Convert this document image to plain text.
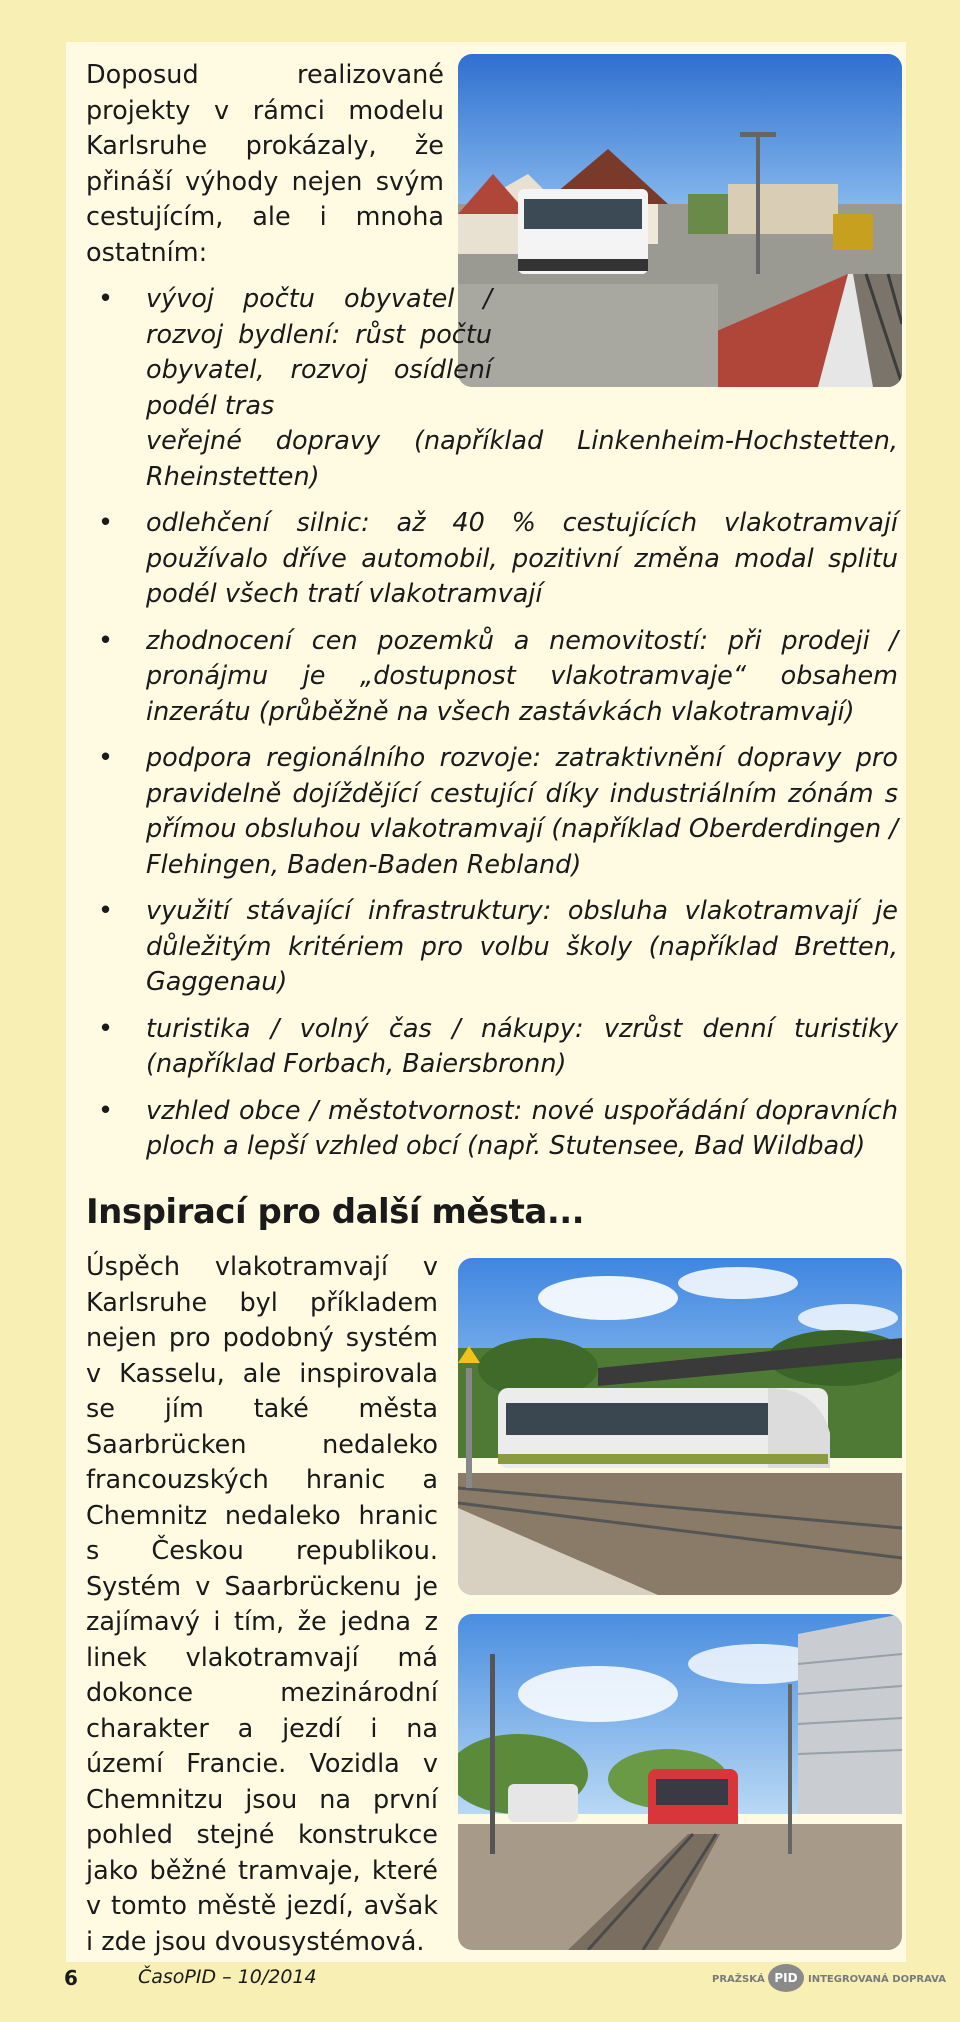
Doposud realizované projekty v rámci modelu Karlsruhe prokázaly, že přináší výhody nejen svým cestujícím, ale i mnoha ostatním:

• vývoj počtu obyvatel / rozvoj bydlení: růst počtu obyvatel, rozvoj osídlení podél tras
veřejné dopravy (například Linkenheim-Hochstetten, Rheinstetten)
• odlehčení silnic: až 40 % cestujících vlakotramvají používalo dříve automobil, pozitivní změna modal splitu podél všech tratí vlakotramvají
• zhodnocení cen pozemků a nemovitostí: při prodeji / pronájmu je „dostupnost vlakotramvaje“ obsahem inzerátu (průběžně na všech zastávkách vlakotramvají)
• podpora regionálního rozvoje: zatraktivnění dopravy pro pravidelně dojíždějící cestující díky industriálním zónám s přímou obsluhou vlakotramvají (například Oberderdingen / Flehingen, Baden-Baden Rebland)
• využití stávající infrastruktury: obsluha vlakotramvají je důležitým kritériem pro volbu školy (například Bretten, Gaggenau)
• turistika / volný čas / nákupy: vzrůst denní turistiky (například Forbach, Baiersbronn)
• vzhled obce / městotvornost: nové uspořádání dopravních ploch a lepší vzhled obcí (např. Stutensee, Bad Wildbad)
Inspirací pro další města...

Úspěch vlakotramvají v Karlsruhe byl příkladem nejen pro podobný systém v Kasselu, ale inspirovala se jím také města Saarbrücken nedaleko francouzských hranic a Chemnitz nedaleko hranic s Českou republikou. Systém v Saarbrückenu je zajímavý i tím, že jedna z linek vlakotramvají má dokonce mezinárodní charakter a jezdí i na území Francie. Vozidla v Chemnitzu jsou na první pohled stejné konstrukce jako běžné tramvaje, které v tomto městě jezdí, avšak i zde jsou dvousystémová.

6	ČasoPID – 10/2014	PRAŽSKÁ PID	INTEGROVANÁ DOPRAVA
